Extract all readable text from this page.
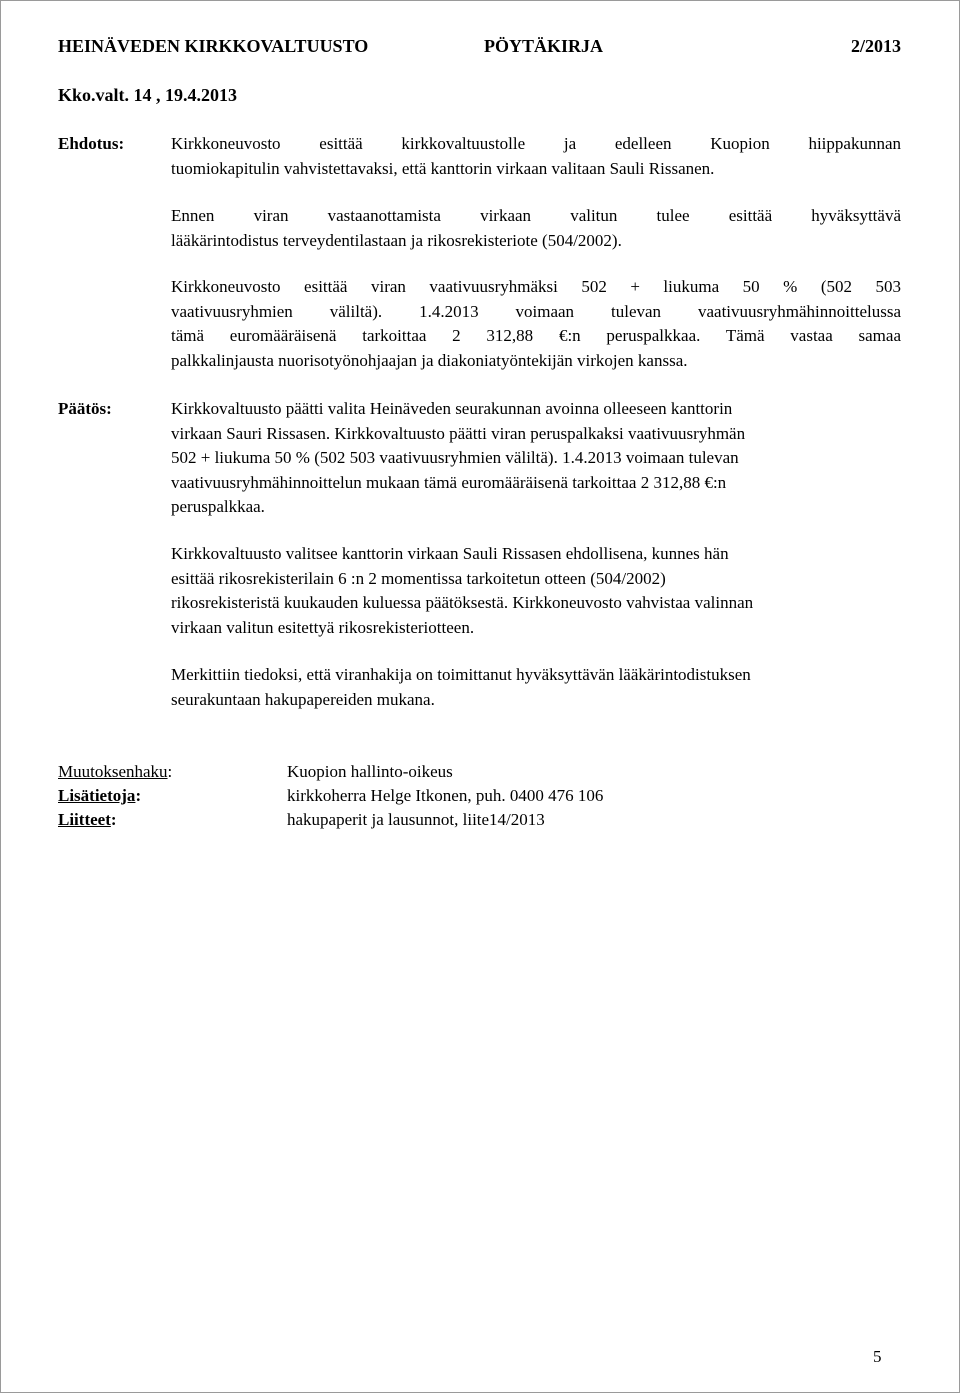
HEINÄVEDEN KIRKKOVALTUUSTO	PÖYTÄKIRJA	2/2013
Kko.valt. 14 , 19.4.2013
Ehdotus:	Kirkkoneuvosto esittää kirkkovaltuustolle ja edelleen Kuopion hiippakunnan

tuomiokapitulin vahvistettavaksi, että kanttorin virkaan valitaan Sauli Rissanen.

Ennen viran vastaanottamista virkaan valitun tulee esittää hyväksyttävä

lääkärintodistus terveydentilastaan ja rikosrekisteriote (504/2002).

Kirkkoneuvosto esittää viran vaativuusryhmäksi 502 + liukuma 50 % (502 503

vaativuusryhmien väliltä). 1.4.2013 voimaan tulevan vaativuusryhmähinnoittelussa

tämä euromääräisenä tarkoittaa 2 312,88 €:n peruspalkkaa. Tämä vastaa samaa

palkkalinjausta nuorisotyönohjaajan ja diakoniatyöntekijän virkojen kanssa.

Päätös:	Kirkkovaltuusto päätti valita Heinäveden seurakunnan avoinna olleeseen kanttorin

virkaan Sauri Rissasen. Kirkkovaltuusto päätti viran peruspalkaksi vaativuusryhmän

502 + liukuma 50 % (502 503 vaativuusryhmien väliltä). 1.4.2013 voimaan tulevan

vaativuusryhmähinnoittelun mukaan tämä euromääräisenä tarkoittaa 2 312,88 €:n

peruspalkkaa.

Kirkkovaltuusto valitsee kanttorin virkaan Sauli Rissasen ehdollisena, kunnes hän

esittää rikosrekisterilain 6 :n 2 momentissa tarkoitetun otteen (504/2002)

rikosrekisteristä kuukauden kuluessa päätöksestä. Kirkkoneuvosto vahvistaa valinnan

virkaan valitun esitettyä rikosrekisteriotteen.

Merkittiin tiedoksi, että viranhakija on toimittanut hyväksyttävän lääkärintodistuksen

seurakuntaan hakupapereiden mukana.

Muutoksenhaku:	Kuopion hallinto-oikeus
Lisätietoja:	kirkkoherra Helge Itkonen, puh. 0400 476 106
Liitteet:	hakupaperit ja lausunnot, liite14/2013
5
